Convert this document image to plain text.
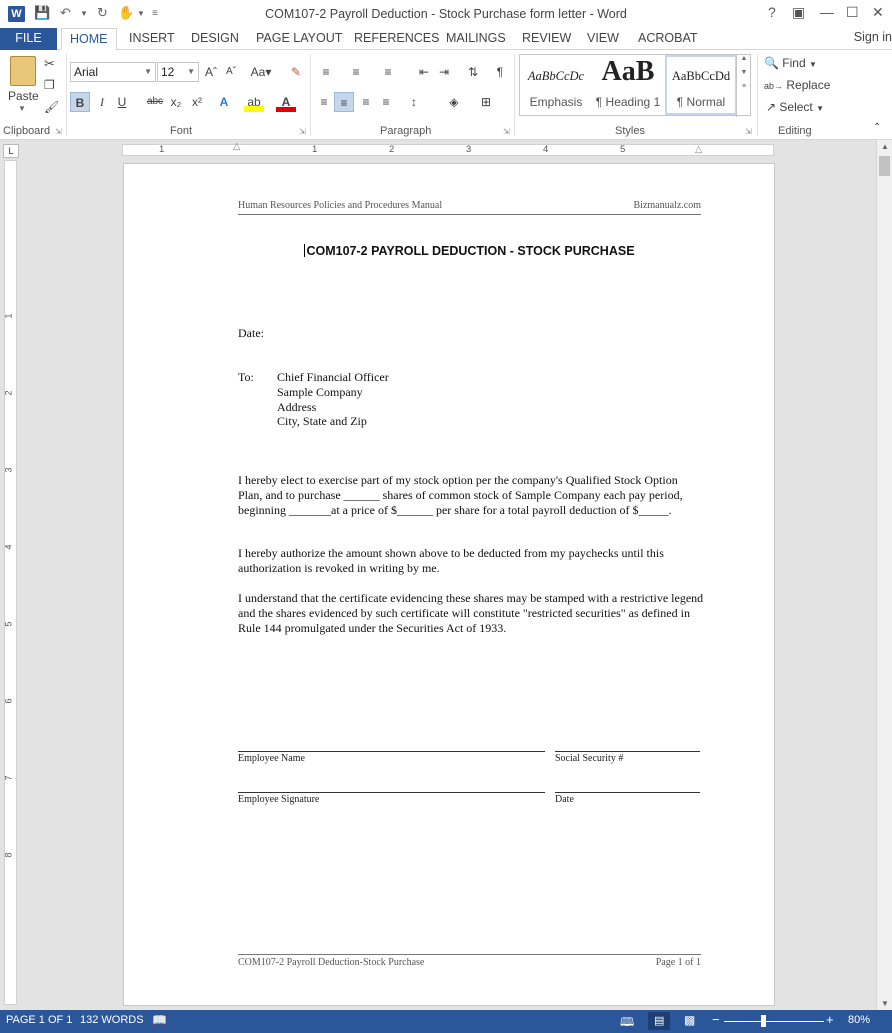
W 💾 ↶ ▼ ↻ ✋ ▼ ≡	COM107-2 Payroll Deduction - Stock Purchase form letter - Word	? ▣ — ☐ ✕
FILE	HOME	INSERT	DESIGN	PAGE LAYOUT REFERENCES MAILINGS	REVIEW	VIEW	ACROBAT	Sign in
Paste
▼
✂
❐
🖌
Clipboard ⇲
Arial	▼ 12 ▼ Aˆ Aˇ	Aa▾	✎
B	I	U	abc x₂ x²	A	ab	A
Font	⇲
≡	≡	≡	⇤ ⇥	⇅	¶
≡	≡	≡	≡	↕	◈	⊞
Paragraph	⇲
AaBbCcDc
Emphasis
AaB
¶ Heading 1
AaBbCcDd
¶ Normal
▲

▼

≡
Styles	⇲
🔍 Find ▼
ab→ Replace
↗ Select ▼
Editing	⌃
L	1	1	2	3	4	5
△	△
1
2
3
4
5
6
7
8
▲
▼
Human Resources Policies and Procedures Manual	Bizmanualz.com
COM107-2 PAYROLL DEDUCTION - STOCK PURCHASE
Date:
To: Chief Financial Officer
Sample Company
Address
City, State and Zip
I hereby elect to exercise part of my stock option per the company's Qualified Stock Option Plan, and to purchase ______ shares of common stock of Sample Company each pay period, beginning _______at a price of $______ per share for a total payroll deduction of $_____.
I hereby authorize the amount shown above to be deducted from my paychecks until this authorization is revoked in writing by me.
I understand that the certificate evidencing these shares may be stamped with a restrictive legend and the shares evidenced by such certificate will constitute "restricted securities" as defined in Rule 144 promulgated under the Securities Act of 1933.
Employee Name	Social Security #
Employee Signature	Date
COM107-2 Payroll Deduction-Stock Purchase	Page 1 of 1
PAGE 1 OF 1 132 WORDS 📖	🕮	▤	▩ −	+ 80%
